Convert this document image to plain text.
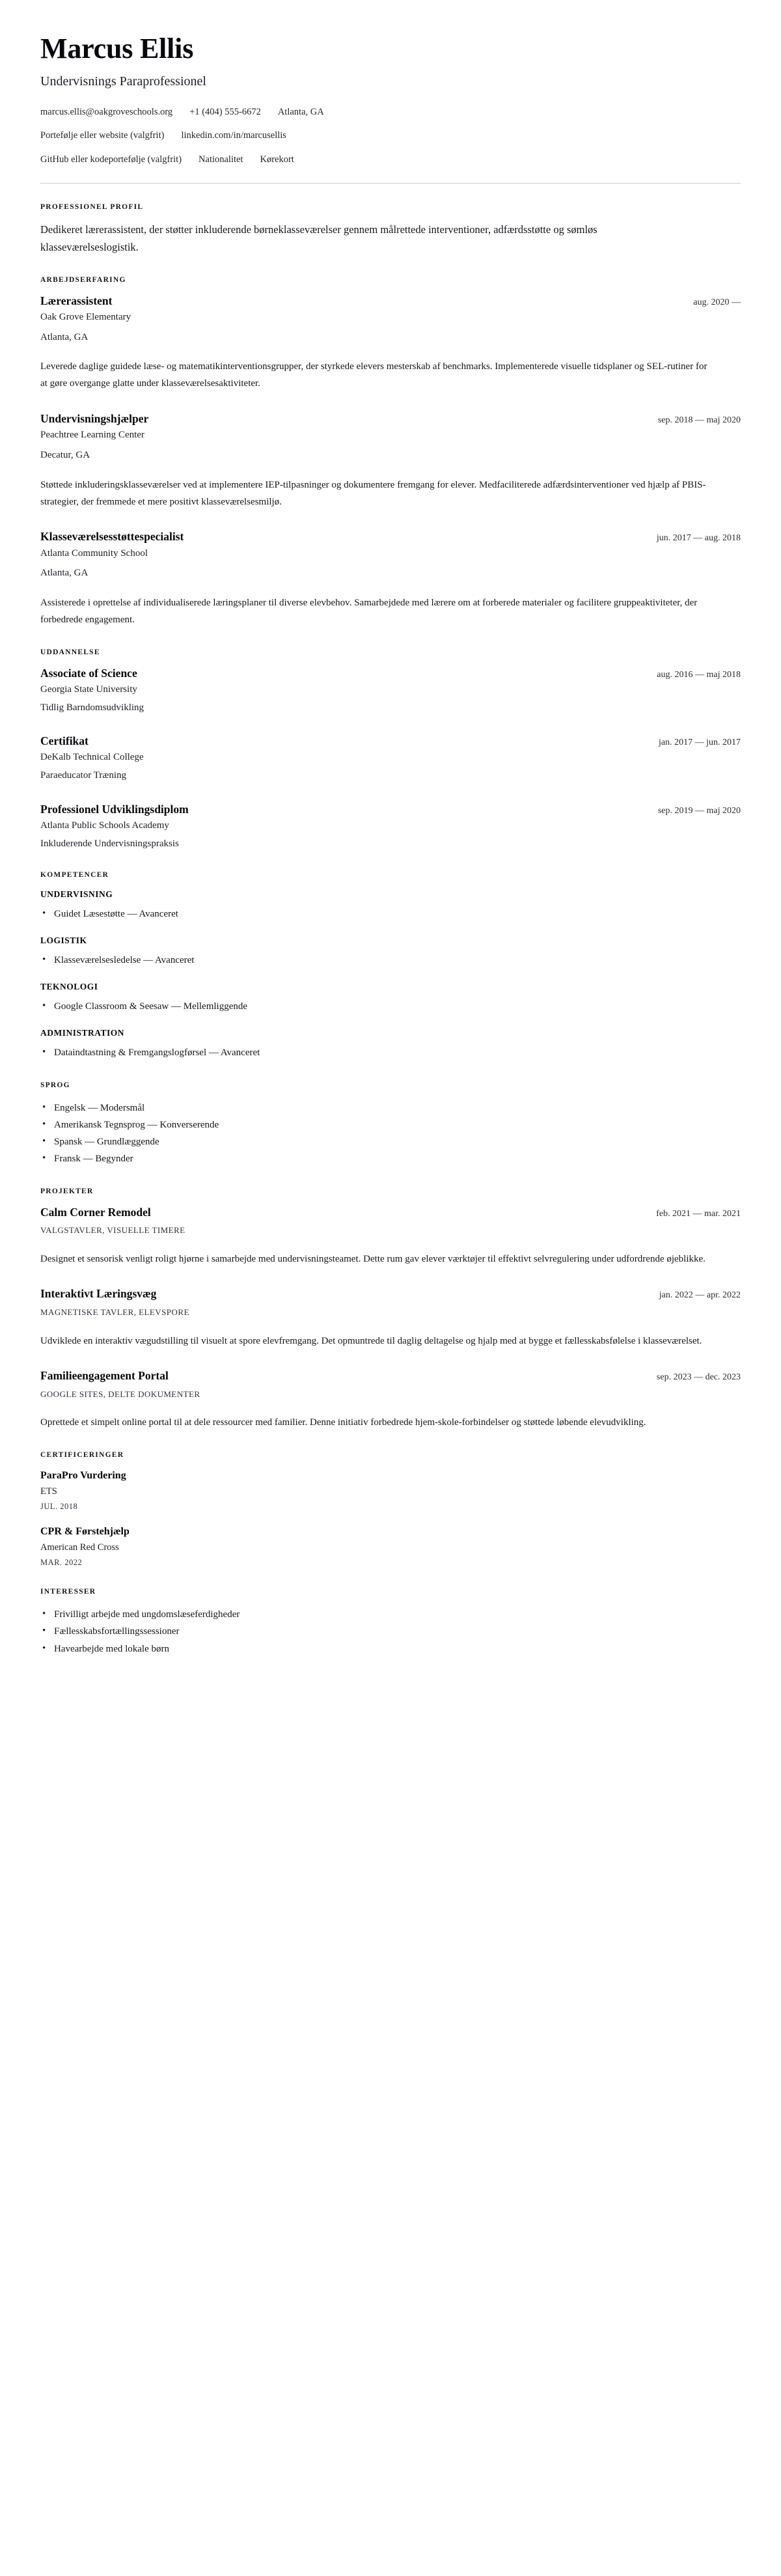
Marcus Ellis
Undervisnings Paraprofessionel
marcus.ellis@oakgroveschools.org +1 (404) 555-6672 Atlanta, GA
Portefølje eller website (valgfrit) linkedin.com/in/marcusellis
GitHub eller kodeportefølje (valgfrit) Nationalitet Kørekort
PROFESSIONEL PROFIL

Dedikeret lærerassistent, der støtter inkluderende børneklasseværelser gennem målrettede interventioner, adfærdsstøtte og sømløs klasseværelseslogistik.

ARBEJDSERFARING
Lærerassistent	aug. 2020 —

Oak Grove Elementary

Atlanta, GA

Leverede daglige guidede læse- og matematikinterventionsgrupper, der styrkede elevers mesterskab af benchmarks. Implementerede visuelle tidsplaner og SEL-rutiner for at gøre overgange glatte under klasseværelsesaktiviteter.

Undervisningshjælper	sep. 2018 — maj 2020

Peachtree Learning Center

Decatur, GA

Støttede inkluderingsklasseværelser ved at implementere IEP-tilpasninger og dokumentere fremgang for elever. Medfaciliterede adfærdsinterventioner ved hjælp af PBIS-strategier, der fremmede et mere positivt klasseværelsesmiljø.

Klasseværelsesstøttespecialist	jun. 2017 — aug. 2018

Atlanta Community School

Atlanta, GA

Assisterede i oprettelse af individualiserede læringsplaner til diverse elevbehov. Samarbejdede med lærere om at forberede materialer og facilitere gruppeaktiviteter, der forbedrede engagement.

UDDANNELSE
Associate of Science	aug. 2016 — maj 2018

Georgia State University

Tidlig Barndomsudvikling

Certifikat	jan. 2017 — jun. 2017

DeKalb Technical College

Paraeducator Træning

Professionel Udviklingsdiplom	sep. 2019 — maj 2020

Atlanta Public Schools Academy

Inkluderende Undervisningspraksis

KOMPETENCER
UNDERVISNING
• Guidet Læsestøtte — Avanceret
LOGISTIK
• Klasseværelsesledelse — Avanceret
TEKNOLOGI
• Google Classroom & Seesaw — Mellemliggende
ADMINISTRATION
• Dataindtastning & Fremgangslogførsel — Avanceret
SPROG
• Engelsk — Modersmål
• Amerikansk Tegnsprog — Konverserende
• Spansk — Grundlæggende
• Fransk — Begynder
PROJEKTER
Calm Corner Remodel	feb. 2021 — mar. 2021

VALGSTAVLER, VISUELLE TIMERE

Designet et sensorisk venligt roligt hjørne i samarbejde med undervisningsteamet. Dette rum gav elever værktøjer til effektivt selvregulering under udfordrende øjeblikke.

Interaktivt Læringsvæg	jan. 2022 — apr. 2022

MAGNETISKE TAVLER, ELEVSPORE

Udviklede en interaktiv vægudstilling til visuelt at spore elevfremgang. Det opmuntrede til daglig deltagelse og hjalp med at bygge et fællesskabsfølelse i klasseværelset.

Familieengagement Portal	sep. 2023 — dec. 2023

GOOGLE SITES, DELTE DOKUMENTER

Oprettede et simpelt online portal til at dele ressourcer med familier. Denne initiativ forbedrede hjem-skole-forbindelser og støttede løbende elevudvikling.

CERTIFICERINGER
ParaPro Vurdering

ETS

JUL. 2018

CPR & Førstehjælp

American Red Cross

MAR. 2022

INTERESSER
• Frivilligt arbejde med ungdomslæseferdigheder
• Fællesskabsfortællingssessioner
• Havearbejde med lokale børn
